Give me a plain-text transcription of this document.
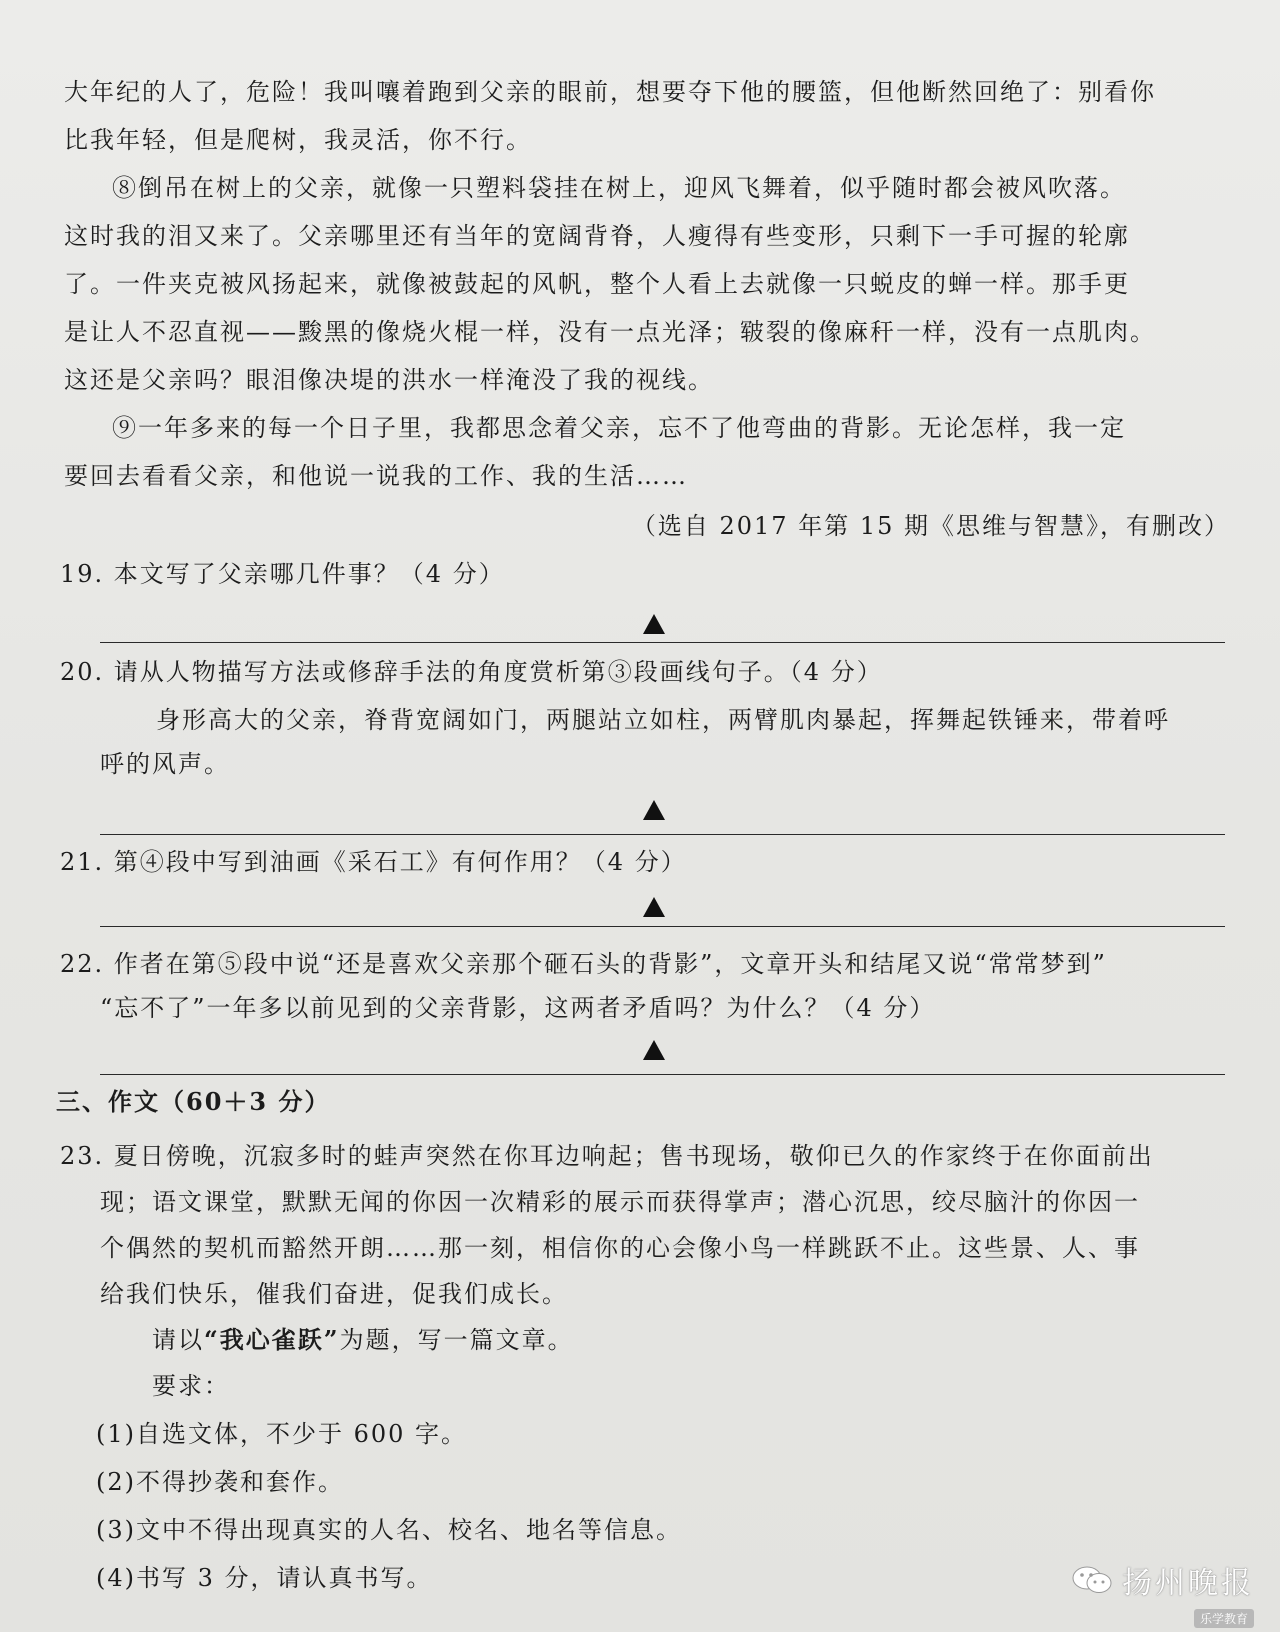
大年纪的人了，危险！我叫嚷着跑到父亲的眼前，想要夺下他的腰篮，但他断然回绝了：别看你
比我年轻，但是爬树，我灵活，你不行。
⑧倒吊在树上的父亲，就像一只塑料袋挂在树上，迎风飞舞着，似乎随时都会被风吹落。
这时我的泪又来了。父亲哪里还有当年的宽阔背脊，人瘦得有些变形，只剩下一手可握的轮廓
了。一件夹克被风扬起来，就像被鼓起的风帆，整个人看上去就像一只蜕皮的蝉一样。那手更
是让人不忍直视——黢黑的像烧火棍一样，没有一点光泽；皲裂的像麻秆一样，没有一点肌肉。
这还是父亲吗？眼泪像决堤的洪水一样淹没了我的视线。
⑨一年多来的每一个日子里，我都思念着父亲，忘不了他弯曲的背影。无论怎样，我一定
要回去看看父亲，和他说一说我的工作、我的生活……
（选自 2017 年第 15 期《思维与智慧》，有删改）
19. 本文写了父亲哪几件事？（4 分）
20. 请从人物描写方法或修辞手法的角度赏析第③段画线句子。（4 分）
身形高大的父亲，脊背宽阔如门，两腿站立如柱，两臂肌肉暴起，挥舞起铁锤来，带着呼
呼的风声。
21. 第④段中写到油画《采石工》有何作用？（4 分）
22. 作者在第⑤段中说“还是喜欢父亲那个砸石头的背影”，文章开头和结尾又说“常常梦到”
“忘不了”一年多以前见到的父亲背影，这两者矛盾吗？为什么？（4 分）
三、作文（60＋3 分）
23. 夏日傍晚，沉寂多时的蛙声突然在你耳边响起；售书现场，敬仰已久的作家终于在你面前出
现；语文课堂，默默无闻的你因一次精彩的展示而获得掌声；潜心沉思，绞尽脑汁的你因一
个偶然的契机而豁然开朗……那一刻，相信你的心会像小鸟一样跳跃不止。这些景、人、事
给我们快乐，催我们奋进，促我们成长。
请以“我心雀跃”为题，写一篇文章。
要求：
(1)自选文体，不少于 600 字。
(2)不得抄袭和套作。
(3)文中不得出现真实的人名、校名、地名等信息。
(4)书写 3 分，请认真书写。	扬州晚报
乐学教育
